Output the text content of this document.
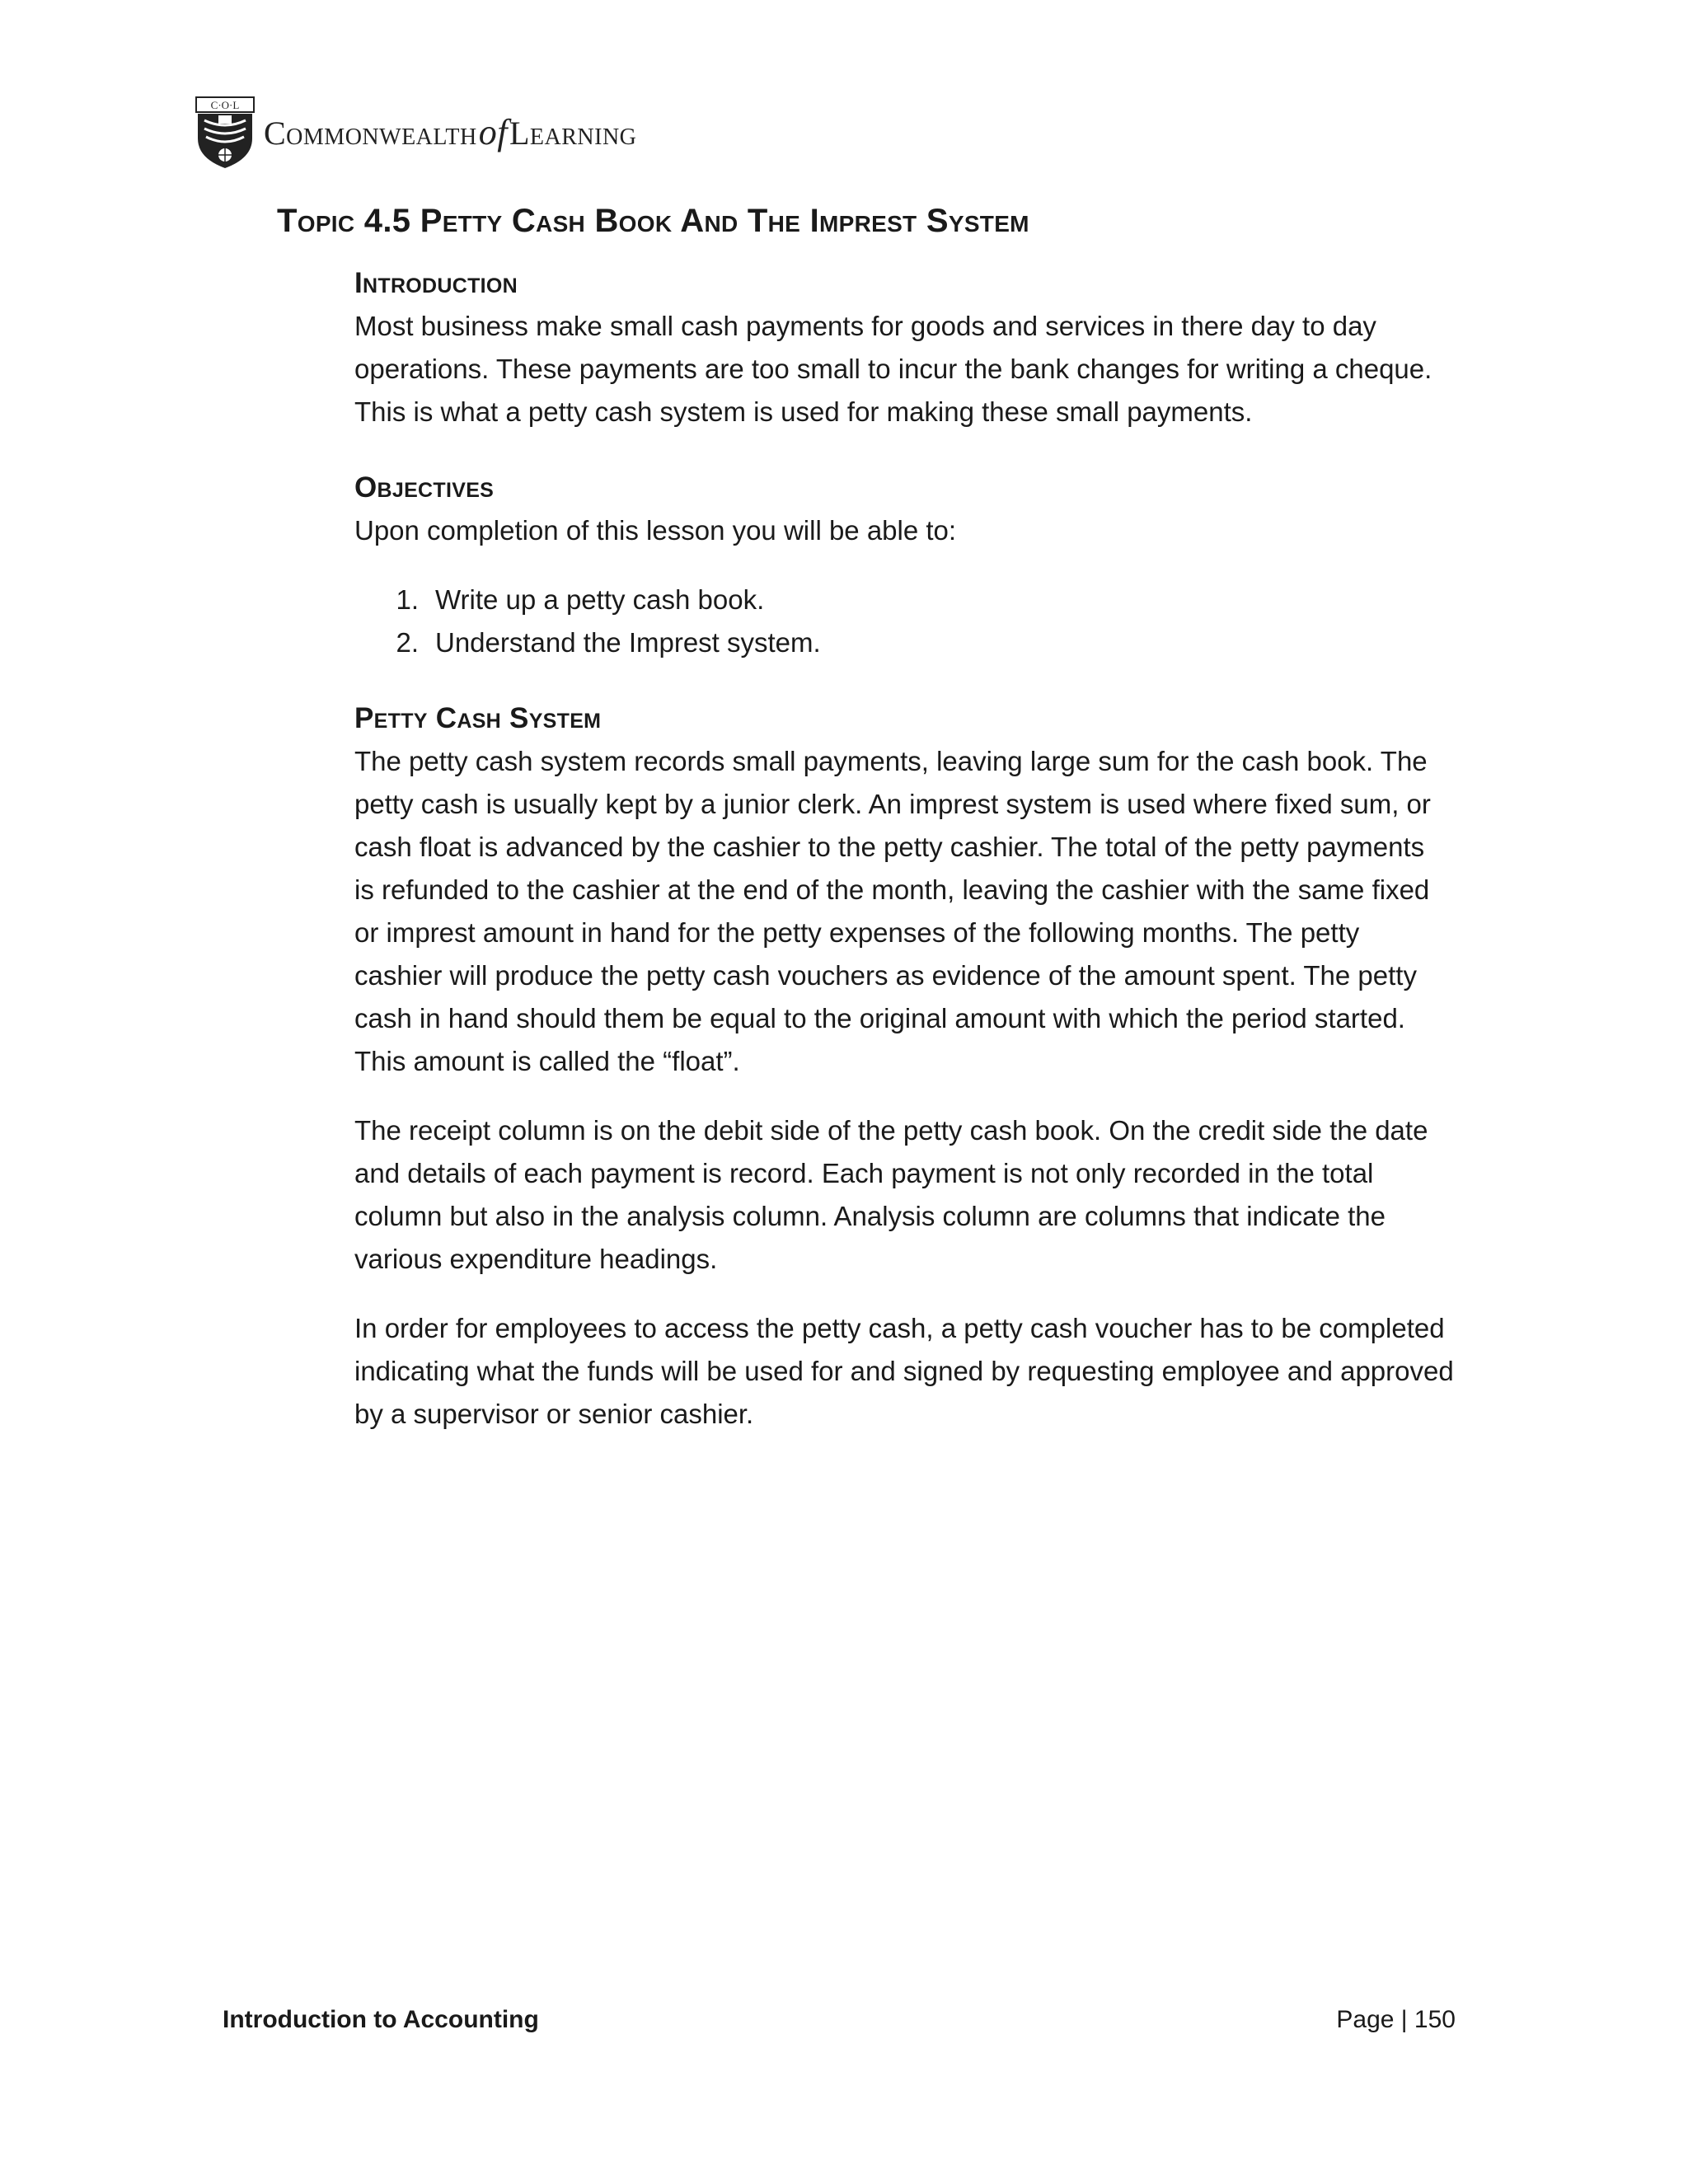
C·O·L
CommonwealthofLearning
Topic 4.5 Petty Cash Book And The Imprest System
Introduction

Most business make small cash payments for goods and services in there day to day

operations. These payments are too small to incur the bank changes for writing a cheque.

This is what a petty cash system is used for making these small payments.

Objectives

Upon completion of this lesson you will be able to:

1. Write up a petty cash book.
2. Understand the Imprest system.
Petty Cash System

The petty cash system records small payments, leaving large sum for the cash book. The

petty cash is usually kept by a junior clerk. An imprest system is used where fixed sum, or

cash float is advanced by the cashier to the petty cashier. The total of the petty payments

is refunded to the cashier at the end of the month, leaving the cashier with the same fixed

or imprest amount in hand for the petty expenses of the following months. The petty

cashier will produce the petty cash vouchers as evidence of the amount spent. The petty

cash in hand should them be equal to the original amount with which the period started.

This amount is called the “float”.

The receipt column is on the debit side of the petty cash book. On the credit side the date

and details of each payment is record. Each payment is not only recorded in the total

column but also in the analysis column. Analysis column are columns that indicate the

various expenditure headings.

In order for employees to access the petty cash, a petty cash voucher has to be completed

indicating what the funds will be used for and signed by requesting employee and approved

by a supervisor or senior cashier.

Introduction to Accounting	Page | 150
